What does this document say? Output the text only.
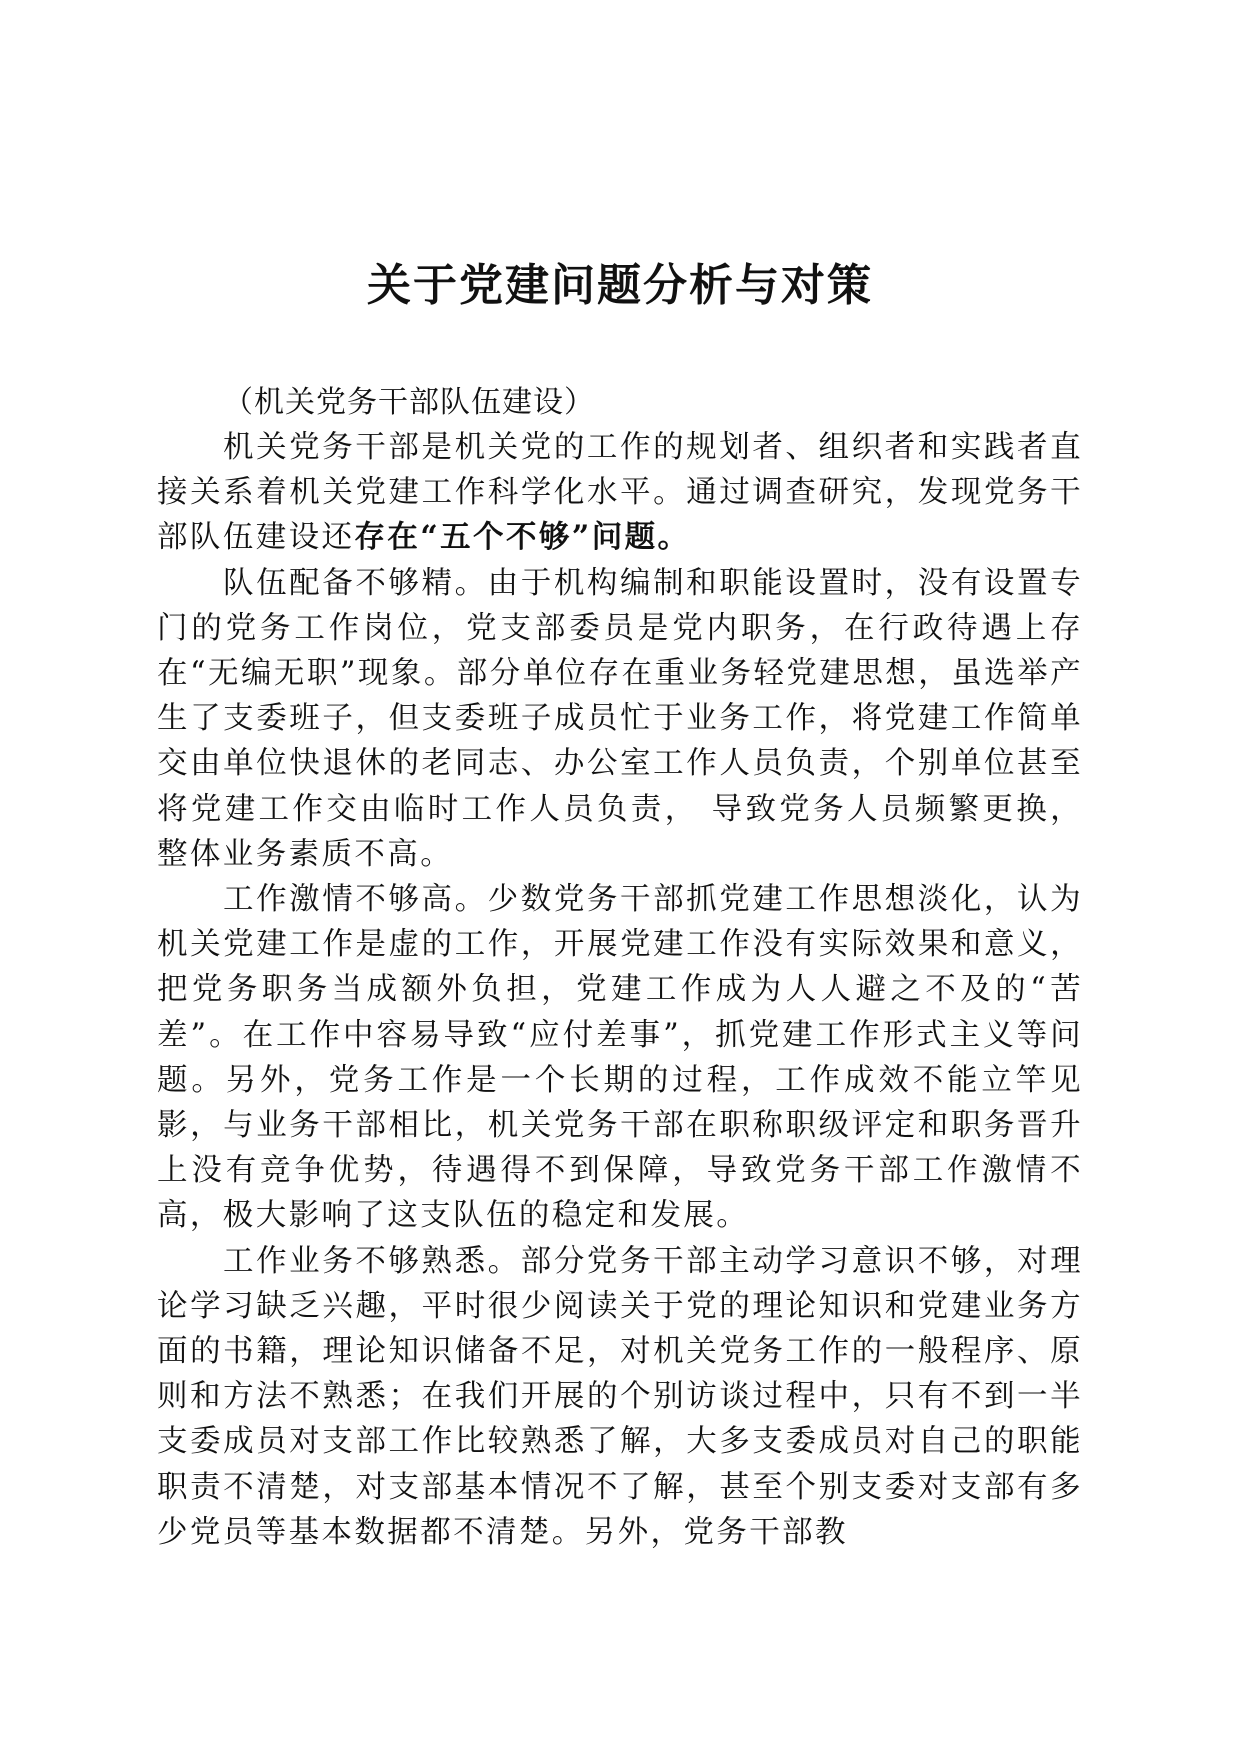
关于党建问题分析与对策

（机关党务干部队伍建设）

机关党务干部是机关党的工作的规划者、组织者和实践者直接关系着机关党建工作科学化水平。通过调查研究，发现党务干部队伍建设还存在“五个不够”问题。

队伍配备不够精。由于机构编制和职能设置时，没有设置专门的党务工作岗位，党支部委员是党内职务，在行政待遇上存在“无编无职”现象。部分单位存在重业务轻党建思想，虽选举产生了支委班子，但支委班子成员忙于业务工作，将党建工作简单交由单位快退休的老同志、办公室工作人员负责，个别单位甚至将党建工作交由临时工作人员负责， 导致党务人员频繁更换，整体业务素质不高。

工作激情不够高。少数党务干部抓党建工作思想淡化，认为机关党建工作是虚的工作，开展党建工作没有实际效果和意义，把党务职务当成额外负担，党建工作成为人人避之不及的“苦差”。在工作中容易导致“应付差事”，抓党建工作形式主义等问题。另外，党务工作是一个长期的过程，工作成效不能立竿见影，与业务干部相比，机关党务干部在职称职级评定和职务晋升上没有竞争优势，待遇得不到保障，导致党务干部工作激情不高，极大影响了这支队伍的稳定和发展。

工作业务不够熟悉。部分党务干部主动学习意识不够，对理论学习缺乏兴趣，平时很少阅读关于党的理论知识和党建业务方面的书籍，理论知识储备不足，对机关党务工作的一般程序、原则和方法不熟悉；在我们开展的个别访谈过程中，只有不到一半支委成员对支部工作比较熟悉了解，大多支委成员对自己的职能职责不清楚，对支部基本情况不了解，甚至个别支委对支部有多少党员等基本数据都不清楚。另外，党务干部教
